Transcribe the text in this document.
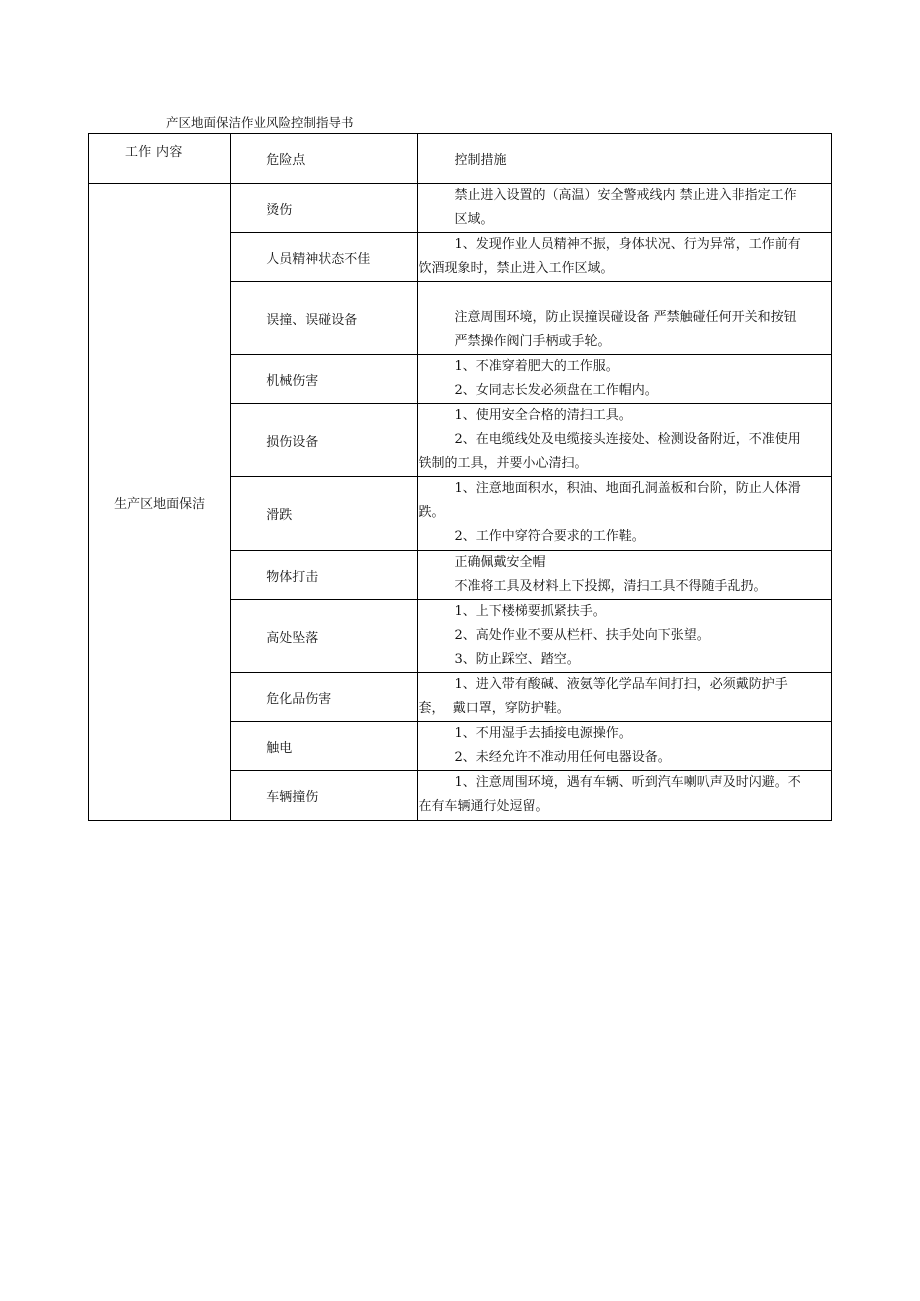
产区地面保洁作业风险控制指导书
工作 内容	危险点	控制措施
生产区地面保洁	烫伤	禁止进入设置的（高温）安全警戒线内 禁止进入非指定工作
区域。

	人员精神状态不佳	1、发现作业人员精神不振，身体状况、行为异常，工作前有
饮酒现象时，禁止进入工作区域。

	误撞、误碰设备	注意周围环境，防止误撞误碰设备 严禁触碰任何开关和按钮
严禁操作阀门手柄或手轮。

	机械伤害	1、不准穿着肥大的工作服。
2、女同志长发必须盘在工作帽内。

	损伤设备	1、使用安全合格的清扫工具。
2、在电缆线处及电缆接头连接处、检测设备附近，不准使用
铁制的工具，并要小心清扫。

	滑跌	1、注意地面积水，积油、地面孔洞盖板和台阶，防止人体滑
跌。
2、工作中穿符合要求的工作鞋。

	物体打击	正确佩戴安全帽
不准将工具及材料上下投掷，清扫工具不得随手乱扔。

	高处坠落	1、上下楼梯要抓紧扶手。
2、高处作业不要从栏杆、扶手处向下张望。
3、防止踩空、踏空。

	危化品伤害	1、进入带有酸碱、液氨等化学品车间打扫，必须戴防护手
套，  戴口罩，穿防护鞋。

	触电	1、不用湿手去插接电源操作。
2、未经允许不准动用任何电器设备。

	车辆撞伤	1、注意周围环境，遇有车辆、听到汽车喇叭声及时闪避。不
在有车辆通行处逗留。
